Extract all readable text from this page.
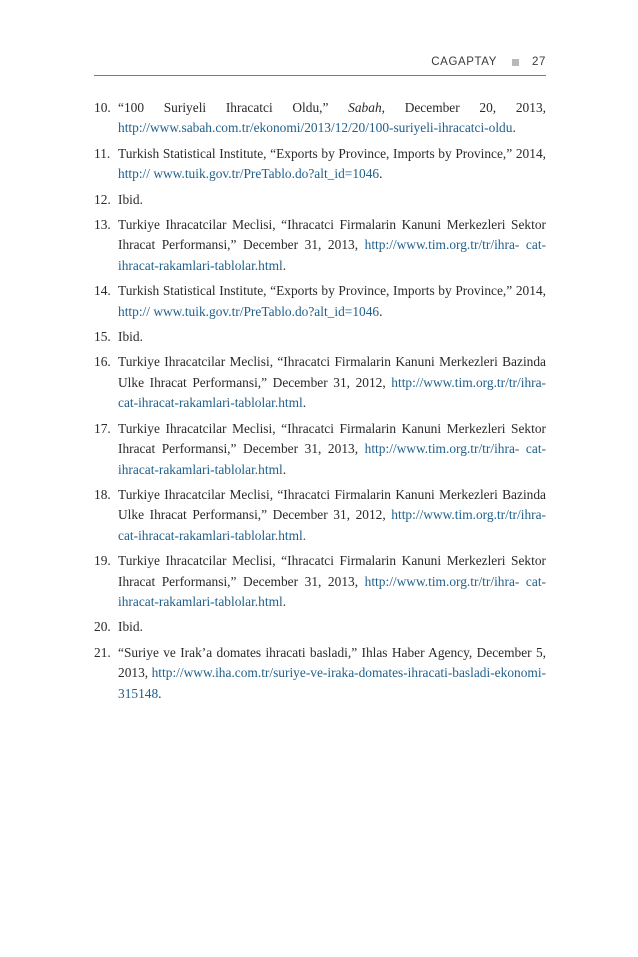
CAGAPTAY	27
10. “100 Suriyeli Ihracatci Oldu,” Sabah, December 20, 2013, http://www.sabah.com.tr/ekonomi/2013/12/20/100-suriyeli-ihracatci-oldu.
11. Turkish Statistical Institute, “Exports by Province, Imports by Province,” 2014, http:// www.tuik.gov.tr/PreTablo.do?alt_id=1046.
12. Ibid.
13. Turkiye Ihracatcilar Meclisi, “Ihracatci Firmalarin Kanuni Merkezleri Sektor Ihracat Performansi,” December 31, 2013, http://www.tim.org.tr/tr/ihra- cat-ihracat-rakamlari-tablolar.html.
14. Turkish Statistical Institute, “Exports by Province, Imports by Province,” 2014, http:// www.tuik.gov.tr/PreTablo.do?alt_id=1046.
15. Ibid.
16. Turkiye Ihracatcilar Meclisi, “Ihracatci Firmalarin Kanuni Merkezleri Bazinda Ulke Ihracat Performansi,” December 31, 2012, http://www.tim.org.tr/tr/ihra- cat-ihracat-rakamlari-tablolar.html.
17. Turkiye Ihracatcilar Meclisi, “Ihracatci Firmalarin Kanuni Merkezleri Sektor Ihracat Performansi,” December 31, 2013, http://www.tim.org.tr/tr/ihra- cat-ihracat-rakamlari-tablolar.html.
18. Turkiye Ihracatcilar Meclisi, “Ihracatci Firmalarin Kanuni Merkezleri Bazinda Ulke Ihracat Performansi,” December 31, 2012, http://www.tim.org.tr/tr/ihra- cat-ihracat-rakamlari-tablolar.html.
19. Turkiye Ihracatcilar Meclisi, “Ihracatci Firmalarin Kanuni Merkezleri Sektor Ihracat Performansi,” December 31, 2013, http://www.tim.org.tr/tr/ihra- cat-ihracat-rakamlari-tablolar.html.
20. Ibid.
21. “Suriye ve Irak’a domates ihracati basladi,” Ihlas Haber Agency, December 5, 2013, http://www.iha.com.tr/suriye-ve-iraka-domates-ihracati-basladi-ekonomi-315148.
